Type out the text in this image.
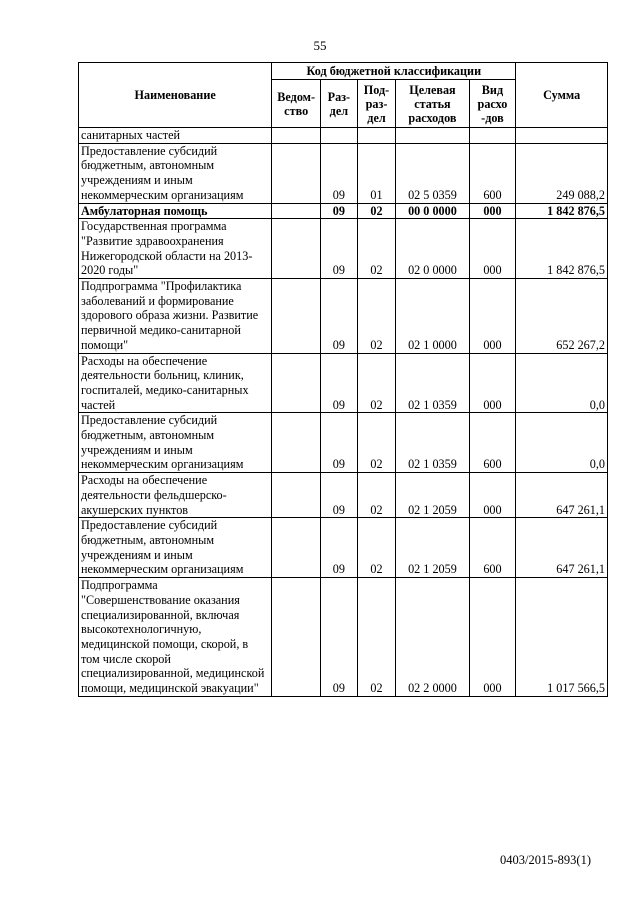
55
Наименование	Код бюджетной классификации					Сумма
	Ведом-ство	Раз-дел	Под-раз-дел	Целевая статья расходов	Вид расхо -дов	
санитарных частей						
Предоставление субсидий бюджетным, автономным учреждениям и иным некоммерческим организациям		09	01	02 5 0359	600	249 088,2
Амбулаторная помощь		09	02	00 0 0000	000	1 842 876,5
Государственная программа "Развитие здравоохранения Нижегородской области на 2013-2020 годы"		09	02	02 0 0000	000	1 842 876,5
Подпрограмма "Профилактика заболеваний и формирование здорового образа жизни. Развитие первичной медико-санитарной помощи"		09	02	02 1 0000	000	652 267,2
Расходы на обеспечение деятельности больниц, клиник, госпиталей, медико-санитарных частей		09	02	02 1 0359	000	0,0
Предоставление субсидий бюджетным, автономным учреждениям и иным некоммерческим организациям		09	02	02 1 0359	600	0,0
Расходы на обеспечение деятельности фельдшерско-акушерских пунктов		09	02	02 1 2059	000	647 261,1
Предоставление субсидий бюджетным, автономным учреждениям и иным некоммерческим организациям		09	02	02 1 2059	600	647 261,1
Подпрограмма "Совершенствование оказания специализированной, включая высокотехнологичную, медицинской помощи, скорой, в том числе скорой специализированной, медицинской помощи, медицинской эвакуации"		09	02	02 2 0000	000	1 017 566,5
0403/2015-893(1)
